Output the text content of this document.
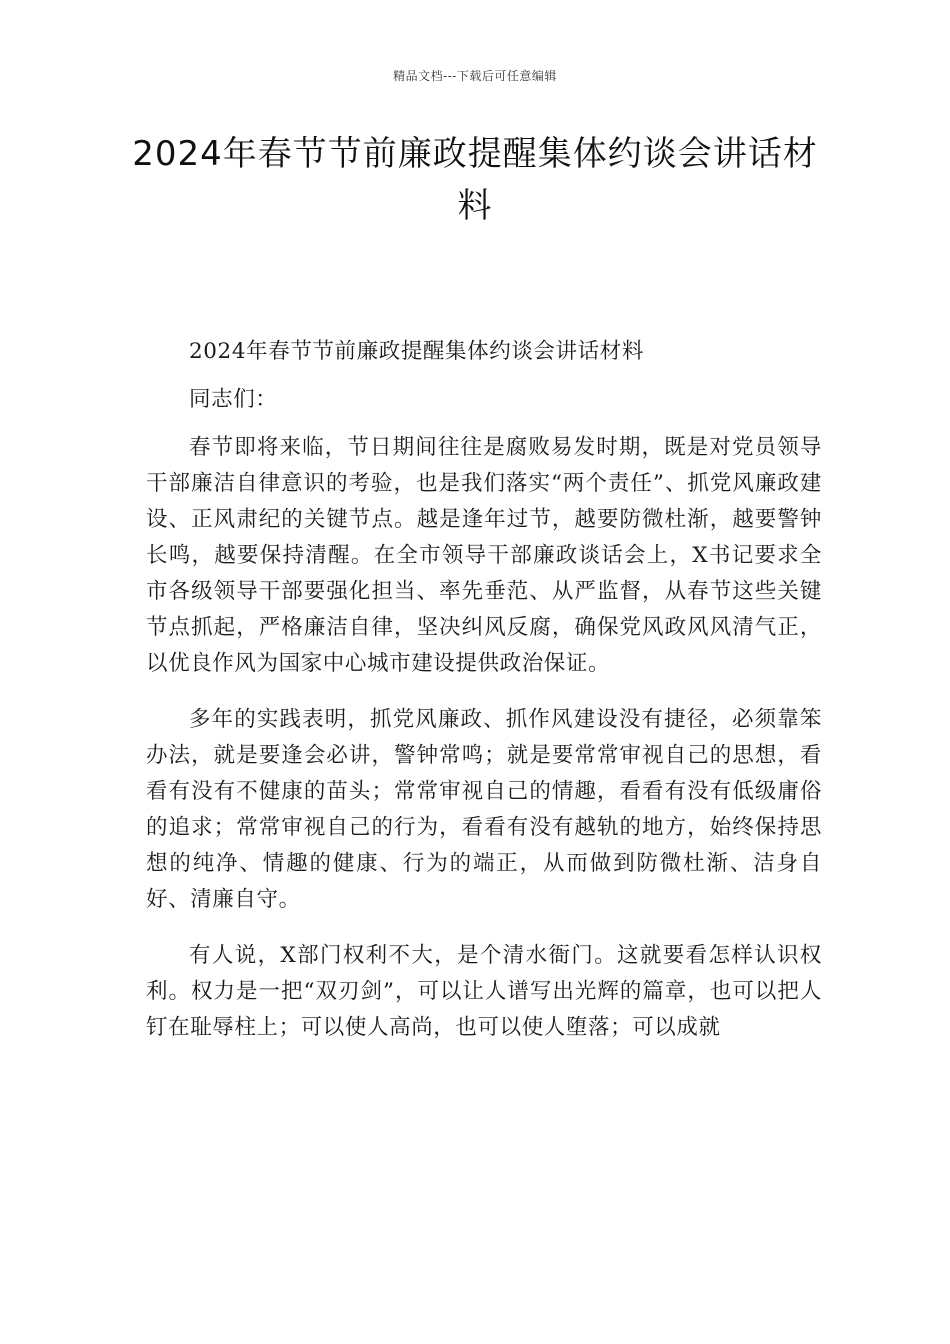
精品文档---下载后可任意编辑
2024年春节节前廉政提醒集体约谈会讲话材料

2024年春节节前廉政提醒集体约谈会讲话材料

同志们：

春节即将来临，节日期间往往是腐败易发时期，既是对党员领导干部廉洁自律意识的考验，也是我们落实“两个责任”、抓党风廉政建设、正风肃纪的关键节点。越是逢年过节，越要防微杜渐，越要警钟长鸣，越要保持清醒。在全市领导干部廉政谈话会上，X书记要求全市各级领导干部要强化担当、率先垂范、从严监督，从春节这些关键节点抓起，严格廉洁自律，坚决纠风反腐，确保党风政风风清气正，以优良作风为国家中心城市建设提供政治保证。

多年的实践表明，抓党风廉政、抓作风建设没有捷径，必须靠笨办法，就是要逢会必讲，警钟常鸣；就是要常常审视自己的思想，看看有没有不健康的苗头；常常审视自己的情趣，看看有没有低级庸俗的追求；常常审视自己的行为，看看有没有越轨的地方，始终保持思想的纯净、情趣的健康、行为的端正，从而做到防微杜渐、洁身自好、清廉自守。

有人说，X部门权利不大，是个清水衙门。这就要看怎样认识权利。权力是一把“双刃剑”，可以让人谱写出光辉的篇章，也可以把人钉在耻辱柱上；可以使人高尚，也可以使人堕落；可以成就
